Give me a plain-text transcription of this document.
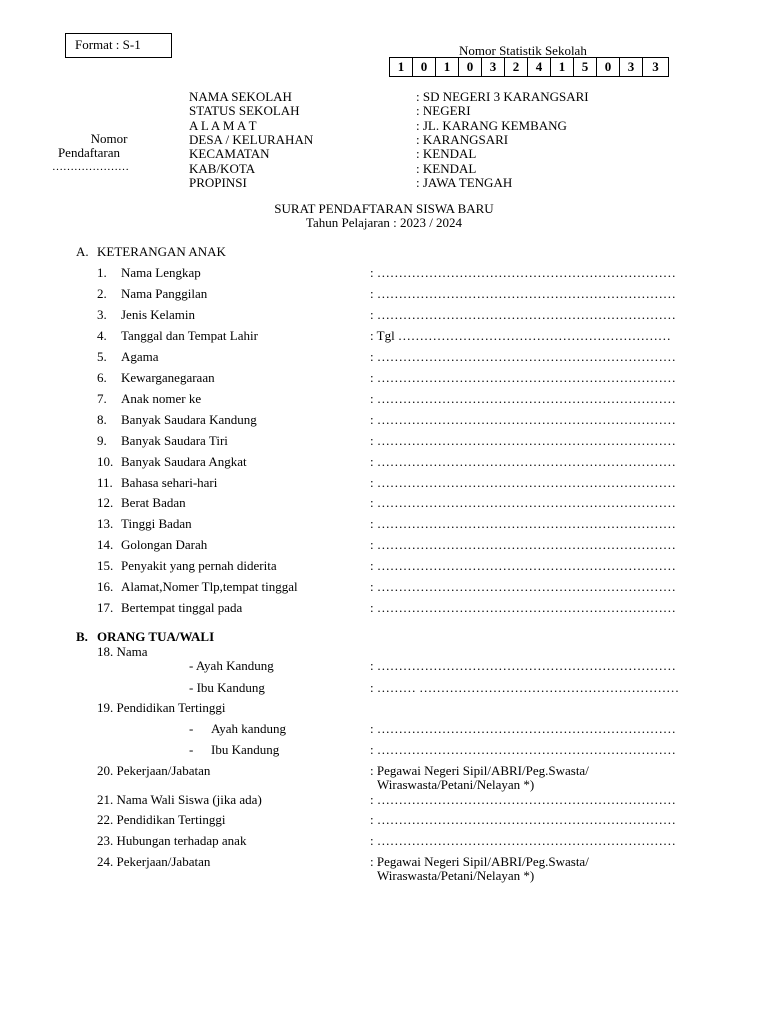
Format : S-1	Nomor Statistik Sekolah
1	0	1	0	3	2	4	1	5	0	3	3
Nomor
Pendaftaran
…………………
NAMA SEKOLAH	: SD NEGERI 3 KARANGSARI
STATUS SEKOLAH	: NEGERI
A L A M A T	: JL. KARANG KEMBANG
DESA / KELURAHAN	: KARANGSARI
KECAMATAN	: KENDAL
KAB/KOTA	: KENDAL
PROPINSI	: JAWA TENGAH
SURAT PENDAFTARAN SISWA BARU
Tahun Pelajaran : 2023 / 2024
A. KETERANGAN ANAK
1. Nama Lengkap	: ……………………………………………………………
2. Nama Panggilan	: ……………………………………………………………
3. Jenis Kelamin	: ……………………………………………………………
4. Tanggal dan Tempat Lahir	: Tgl ………………………………………………………
5. Agama	: ……………………………………………………………
6. Kewarganegaraan	: ……………………………………………………………
7. Anak nomer ke	: ……………………………………………………………
8. Banyak Saudara Kandung	: ……………………………………………………………
9. Banyak Saudara Tiri	: ……………………………………………………………
10. Banyak Saudara Angkat	: ……………………………………………………………
11. Bahasa sehari-hari	: ……………………………………………………………
12. Berat Badan	: ……………………………………………………………
13. Tinggi Badan	: ……………………………………………………………
14. Golongan Darah	: ……………………………………………………………
15. Penyakit yang pernah diderita	: ……………………………………………………………
16. Alamat,Nomer Tlp,tempat tinggal	: ……………………………………………………………
17. Bertempat tinggal pada	: ……………………………………………………………
B. ORANG TUA/WALI
18. Nama
- Ayah Kandung	: ……………………………………………………………
- Ibu Kandung	: ……… ……………………………………………………
19. Pendidikan Tertinggi
- Ayah kandung	: ……………………………………………………………
- Ibu Kandung	: ……………………………………………………………
20. Pekerjaan/Jabatan	: Pegawai Negeri Sipil/ABRI/Peg.Swasta/
Wiraswasta/Petani/Nelayan *)
21. Nama Wali Siswa (jika ada)	: ……………………………………………………………
22. Pendidikan Tertinggi	: ……………………………………………………………
23. Hubungan terhadap anak	: ……………………………………………………………
24. Pekerjaan/Jabatan	: Pegawai Negeri Sipil/ABRI/Peg.Swasta/
Wiraswasta/Petani/Nelayan *)
